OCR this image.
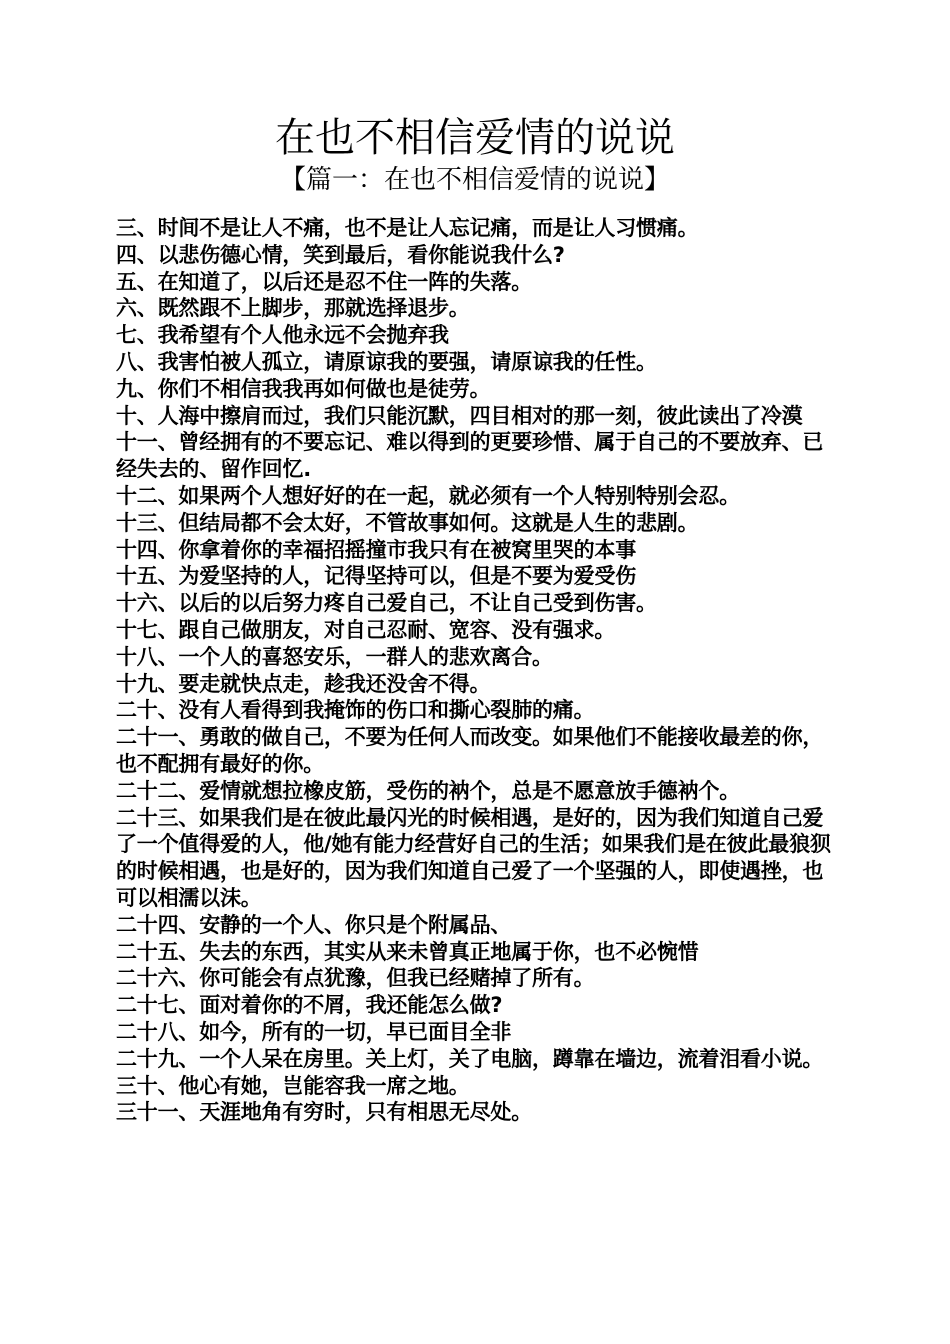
在也不相信爱情的说说
【篇一：在也不相信爱情的说说】
三、时间不是让人不痛，也不是让人忘记痛，而是让人习惯痛。
四、以悲伤德心情，笑到最后，看你能说我什么?
五、在知道了，以后还是忍不住一阵的失落。
六、既然跟不上脚步，那就选择退步。
七、我希望有个人他永远不会抛弃我
八、我害怕被人孤立，请原谅我的要强，请原谅我的任性。
九、你们不相信我我再如何做也是徒劳。
十、人海中擦肩而过，我们只能沉默，四目相对的那一刻，彼此读出了冷漠
十一、曾经拥有的不要忘记、难以得到的更要珍惜、属于自己的不要放弃、已经失去的、留作回忆.
十二、如果两个人想好好的在一起，就必须有一个人特别特别会忍。
十三、但结局都不会太好，不管故事如何。这就是人生的悲剧。
十四、你拿着你的幸福招摇撞市我只有在被窝里哭的本事
十五、为爱坚持的人，记得坚持可以，但是不要为爱受伤
十六、以后的以后努力疼自己爱自己，不让自己受到伤害。
十七、跟自己做朋友，对自己忍耐、宽容、没有强求。
十八、一个人的喜怒安乐，一群人的悲欢离合。
十九、要走就快点走，趁我还没舍不得。
二十、没有人看得到我掩饰的伤口和撕心裂肺的痛。
二十一、勇敢的做自己，不要为任何人而改变。如果他们不能接收最差的你，也不配拥有最好的你。
二十二、爱情就想拉橡皮筋，受伤的衲个，总是不愿意放手德衲个。
二十三、如果我们是在彼此最闪光的时候相遇，是好的，因为我们知道自己爱了一个值得爱的人，他/她有能力经营好自己的生活；如果我们是在彼此最狼狈的时候相遇，也是好的，因为我们知道自己爱了一个坚强的人，即使遇挫，也可以相濡以沫。
二十四、安静的一个人、你只是个附属品、
二十五、失去的东西，其实从来未曾真正地属于你，也不必惋惜
二十六、你可能会有点犹豫，但我已经赌掉了所有。
二十七、面对着你的不屑，我还能怎么做?
二十八、如今，所有的一切，早已面目全非
二十九、一个人呆在房里。关上灯，关了电脑，蹲靠在墙边，流着泪看小说。
三十、他心有她，岂能容我一席之地。
三十一、天涯地角有穷时，只有相思无尽处。
